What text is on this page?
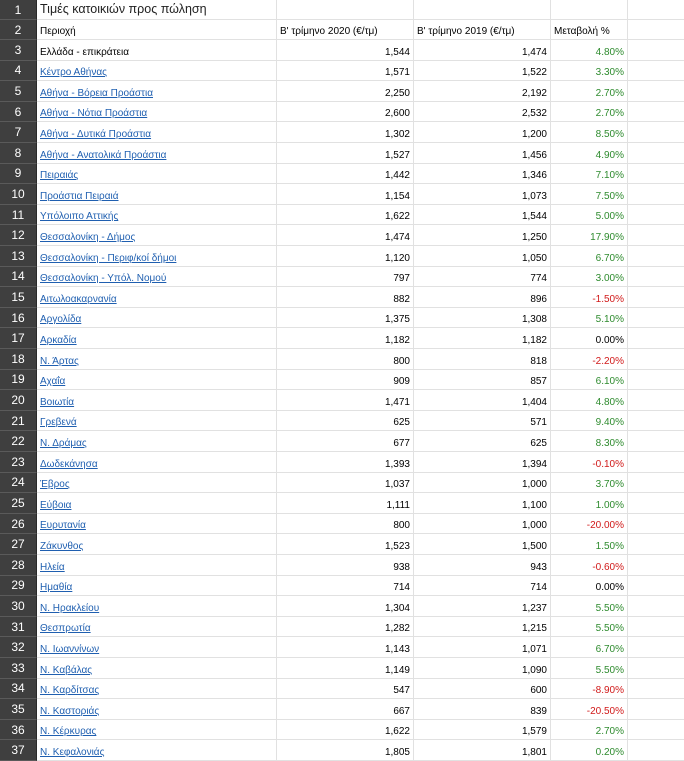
1	Τιμές κατοικιών προς πώληση
2	Περιοχή	Β' τρίμηνο 2020 (€/τμ)	Β' τρίμηνο 2019 (€/τμ)	Μεταβολή %
3	Ελλάδα - επικράτεια	1,544	1,474	4.80%
4	Κέντρο Αθήνας	1,571	1,522	3.30%
5	Αθήνα - Βόρεια Προάστια	2,250	2,192	2.70%
6	Αθήνα - Νότια Προάστια	2,600	2,532	2.70%
7	Αθήνα - Δυτικά Προάστια	1,302	1,200	8.50%
8	Αθήνα - Ανατολικά Προάστια	1,527	1,456	4.90%
9	Πειραιάς	1,442	1,346	7.10%
10	Προάστια Πειραιά	1,154	1,073	7.50%
11	Υπόλοιπο Αττικής	1,622	1,544	5.00%
12	Θεσσαλονίκη - Δήμος	1,474	1,250	17.90%
13	Θεσσαλονίκη - Περιφ/κοί δήμοι	1,120	1,050	6.70%
14	Θεσσαλονίκη - Υπόλ. Νομού	797	774	3.00%
15	Αιτωλοακαρνανία	882	896	-1.50%
16	Αργολίδα	1,375	1,308	5.10%
17	Αρκαδία	1,182	1,182	0.00%
18	Ν. Άρτας	800	818	-2.20%
19	Αχαΐα	909	857	6.10%
20	Βοιωτία	1,471	1,404	4.80%
21	Γρεβενά	625	571	9.40%
22	Ν. Δράμας	677	625	8.30%
23	Δωδεκάνησα	1,393	1,394	-0.10%
24	Έβρος	1,037	1,000	3.70%
25	Εύβοια	1,111	1,100	1.00%
26	Ευρυτανία	800	1,000	-20.00%
27	Ζάκυνθος	1,523	1,500	1.50%
28	Ηλεία	938	943	-0.60%
29	Ημαθία	714	714	0.00%
30	Ν. Ηρακλείου	1,304	1,237	5.50%
31	Θεσπρωτία	1,282	1,215	5.50%
32	Ν. Ιωαννίνων	1,143	1,071	6.70%
33	Ν. Καβάλας	1,149	1,090	5.50%
34	Ν. Καρδίτσας	547	600	-8.90%
35	Ν. Καστοριάς	667	839	-20.50%
36	Ν. Κέρκυρας	1,622	1,579	2.70%
37	Ν. Κεφαλονιάς	1,805	1,801	0.20%
